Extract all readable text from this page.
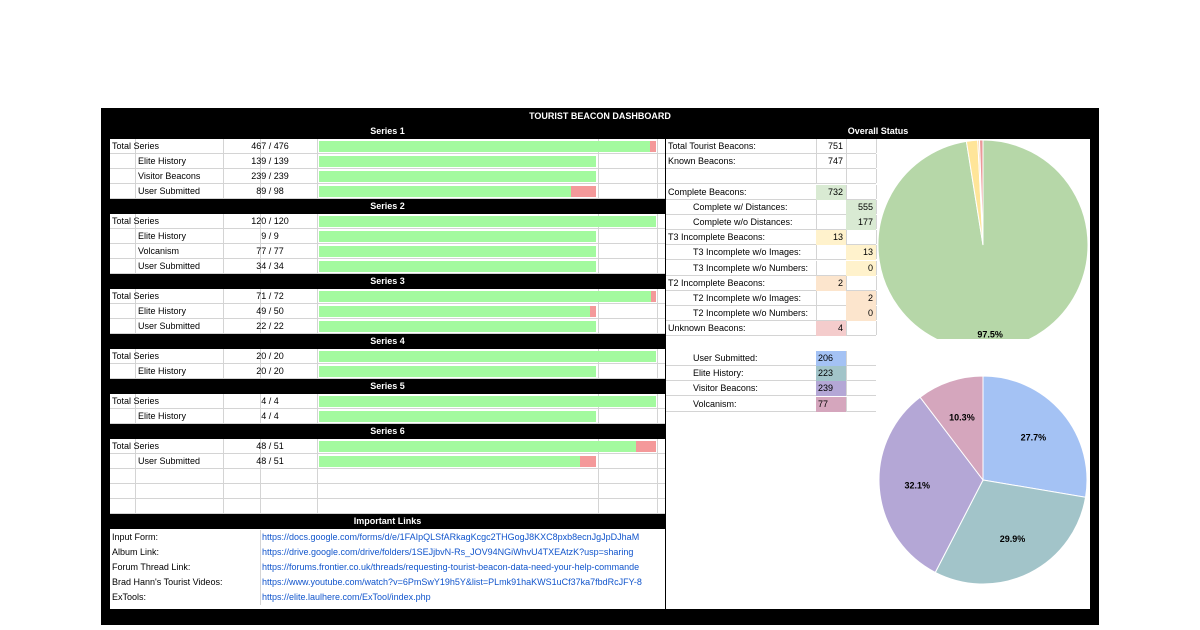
TOURIST BEACON DASHBOARD
Series 1
Total Series	467 / 476
Elite History	139 / 139
Visitor Beacons	239 / 239
User Submitted	89 / 98
Series 2
Total Series	120 / 120
Elite History	9 / 9
Volcanism	77 / 77
User Submitted	34 / 34
Series 3
Total Series	71 / 72
Elite History	49 / 50
User Submitted	22 / 22
Series 4
Total Series	20 / 20
Elite History	20 / 20
Series 5
Total Series	4 / 4
Elite History	4 / 4
Series 6
Total Series	48 / 51
User Submitted	48 / 51
Important Links
Input Form:	https://docs.google.com/forms/d/e/1FAIpQLSfARkagKcgc2THGogJ8KXC8pxb8ecnJgJpDJhaM
Album Link:	https://drive.google.com/drive/folders/1SEJjbvN-Rs_JOV94NGiWhvU4TXEAtzK?usp=sharing
Forum Thread Link:	https://forums.frontier.co.uk/threads/requesting-tourist-beacon-data-need-your-help-commande
Brad Hann's Tourist Videos:	https://www.youtube.com/watch?v=6PmSwY19h5Y&list=PLmk91haKWS1uCf37ka7fbdRcJFY-8
ExTools:	https://elite.laulhere.com/ExTool/index.php
Overall Status
Total Tourist Beacons:	751
Known Beacons:	747
Complete Beacons:	732
Complete w/ Distances:	555
Complete w/o Distances:	177
T3 Incomplete Beacons:	13
T3 Incomplete w/o Images:	13
T3 Incomplete w/o Numbers:	0
T2 Incomplete Beacons:	2
T2 Incomplete w/o Images:	2
T2 Incomplete w/o Numbers:	0
Unknown Beacons:	4
User Submitted:	206
Elite History:	223
Visitor Beacons:	239
Volcanism:	77
97.5%
27.7%
29.9%
32.1%
10.3%
